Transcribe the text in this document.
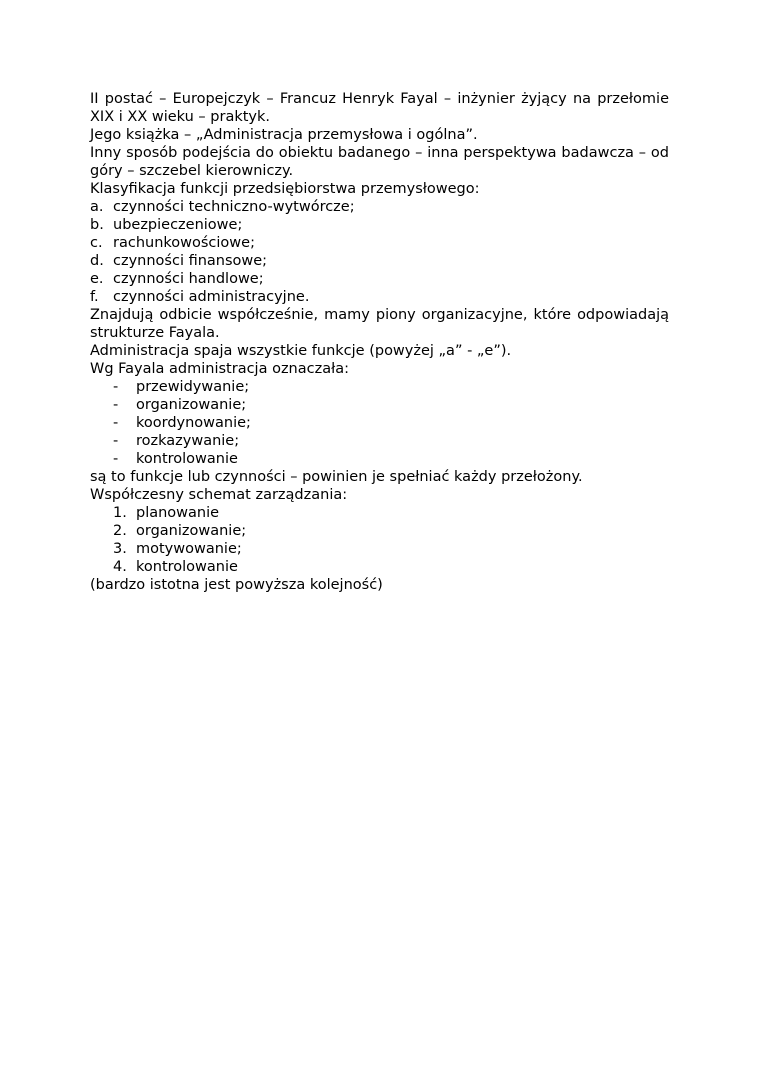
II postać – Europejczyk – Francuz Henryk Fayal – inżynier żyjący na przełomie XIX i XX wieku – praktyk.

Jego książka – „Administracja przemysłowa i ogólna”.

Inny sposób podejścia do obiektu badanego – inna perspektywa badawcza – od góry – szczebel kierowniczy.

Klasyfikacja funkcji przedsiębiorstwa przemysłowego:

a. czynności techniczno-wytwórcze;
b. ubezpieczeniowe;
c. rachunkowościowe;
d. czynności finansowe;
e. czynności handlowe;
f. czynności administracyjne.

Znajdują odbicie współcześnie, mamy piony organizacyjne, które odpowiadają strukturze Fayala.

Administracja spaja wszystkie funkcje (powyżej „a” - „e”).

Wg Fayala administracja oznaczała:

-	przewidywanie;
-	organizowanie;
-	koordynowanie;
-	rozkazywanie;
-	kontrolowanie

są to funkcje lub czynności – powinien je spełniać każdy przełożony.

Współczesny schemat zarządzania:

1. planowanie
2. organizowanie;
3. motywowanie;
4. kontrolowanie

(bardzo istotna jest powyższa kolejność)
